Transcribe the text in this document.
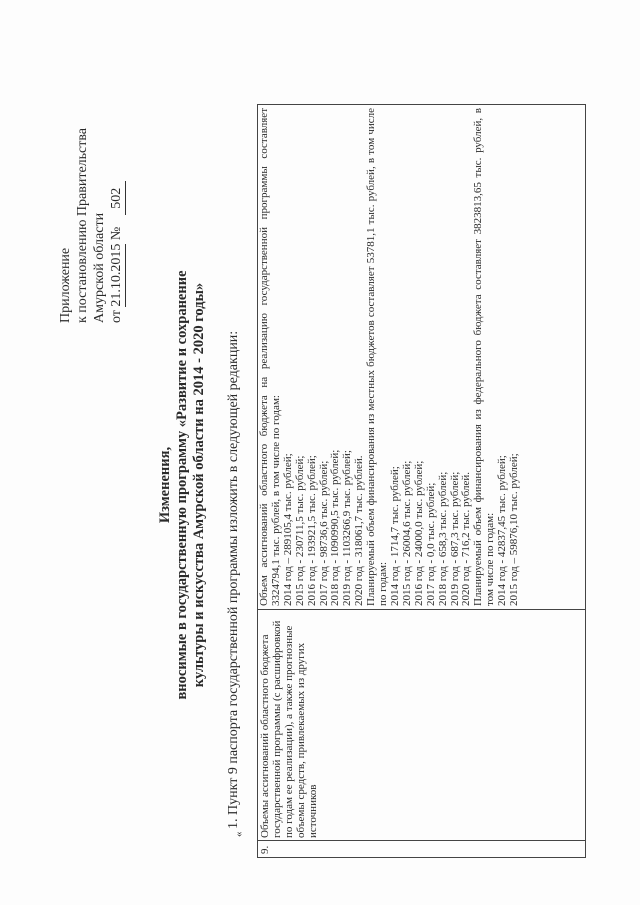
Приложение к постановлению Правительства Амурской области от 21.10.2015 № 502
Изменения, вносимые в государственную программу «Развитие и сохранение культуры и искусства Амурской области на 2014 - 2020 годы» 1. Пункт 9 паспорта государственной программы изложить в следующей редакции:
«
9.
Объемы ассигнований областного бюджета государственной программы (с расшифровкой по годам ее реализации), а также прогнозные объемы средств, привлекаемых из других источников
Объем ассигнований областного бюджета на реализацию государственной программы составляет 3324794,1 тыс. рублей, в том числе по годам: 2014 год – 289105,4 тыс. рублей; 2015 год - 230711,5 тыс. рублей; 2016 год - 193921,5 тыс. рублей; 2017 год - 98736,6 тыс. рублей; 2018 год - 1090990,5 тыс. рублей; 2019 год - 1103266,9 тыс. рублей; 2020 год - 318061,7 тыс. рублей. Планируемый объем финансирования из местных бюджетов составляет 53781,1 тыс. рублей, в том числе по годам: 2014 год - 1714,7 тыс. рублей; 2015 год - 26004,6 тыс. рублей; 2016 год - 24000,0 тыс. рублей; 2017 год - 0,0 тыс. рублей; 2018 год - 658,3 тыс. рублей; 2019 год - 687,3 тыс. рублей; 2020 год - 716,2 тыс. рублей. Планируемый объем финансирования из федерального бюджета составляет 3823813,65 тыс. рублей, в том числе по годам: 2014 год - 42837,45 тыс. рублей; 2015 год – 59876,10 тыс. рублей;
